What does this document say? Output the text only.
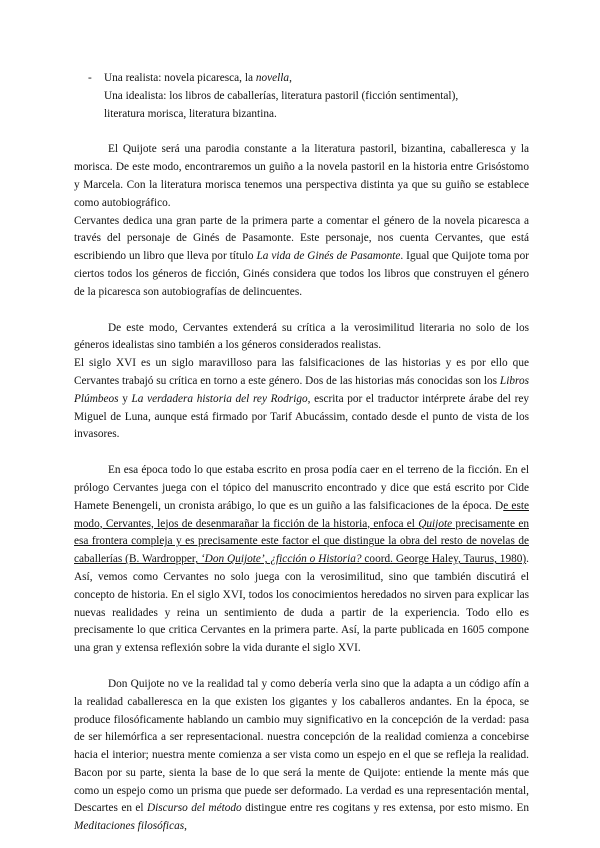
- Una realista: novela picaresca, la novella,
Una idealista: los libros de caballerías, literatura pastoril (ficción sentimental),
literatura morisca, literatura bizantina.

El Quijote será una parodia constante a la literatura pastoril, bizantina, caballeresca y la morisca. De este modo, encontraremos un guiño a la novela pastoril en la historia entre Grisóstomo y Marcela. Con la literatura morisca tenemos una perspectiva distinta ya que su guiño se establece como autobiográfico.

Cervantes dedica una gran parte de la primera parte a comentar el género de la novela picaresca a través del personaje de Ginés de Pasamonte. Este personaje, nos cuenta Cervantes, que está escribiendo un libro que lleva por título La vida de Ginés de Pasamonte. Igual que Quijote toma por ciertos todos los géneros de ficción, Ginés considera que todos los libros que construyen el género de la picaresca son autobiografías de delincuentes.

De este modo, Cervantes extenderá su crítica a la verosimilitud literaria no solo de los géneros idealistas sino también a los géneros considerados realistas.

El siglo XVI es un siglo maravilloso para las falsificaciones de las historias y es por ello que Cervantes trabajó su crítica en torno a este género. Dos de las historias más conocidas son los Libros Plúmbeos y La verdadera historia del rey Rodrigo, escrita por el traductor intérprete árabe del rey Miguel de Luna, aunque está firmado por Tarif Abucássim, contado desde el punto de vista de los invasores.

En esa época todo lo que estaba escrito en prosa podía caer en el terreno de la ficción. En el prólogo Cervantes juega con el tópico del manuscrito encontrado y dice que está escrito por Cide Hamete Benengeli, un cronista arábigo, lo que es un guiño a las falsificaciones de la época. De este modo, Cervantes, lejos de desenmarañar la ficción de la historia, enfoca el Quijote precisamente en esa frontera compleja y es precisamente este factor el que distingue la obra del resto de novelas de caballerías (B. Wardropper, ‘Don Quijote’, ¿ficción o Historia? coord. George Haley, Taurus, 1980). Así, vemos como Cervantes no solo juega con la verosimilitud, sino que también discutirá el concepto de historia. En el siglo XVI, todos los conocimientos heredados no sirven para explicar las nuevas realidades y reina un sentimiento de duda a partir de la experiencia. Todo ello es precisamente lo que critica Cervantes en la primera parte. Así, la parte publicada en 1605 compone una gran y extensa reflexión sobre la vida durante el siglo XVI.

Don Quijote no ve la realidad tal y como debería verla sino que la adapta a un código afín a la realidad caballeresca en la que existen los gigantes y los caballeros andantes. En la época, se produce filosóficamente hablando un cambio muy significativo en la concepción de la verdad: pasa de ser hilemórfica a ser representacional. nuestra concepción de la realidad comienza a concebirse hacia el interior; nuestra mente comienza a ser vista como un espejo en el que se refleja la realidad. Bacon por su parte, sienta la base de lo que será la mente de Quijote: entiende la mente más que como un espejo como un prisma que puede ser deformado. La verdad es una representación mental, Descartes en el Discurso del método distingue entre res cogitans y res extensa, por esto mismo. En Meditaciones filosóficas,
